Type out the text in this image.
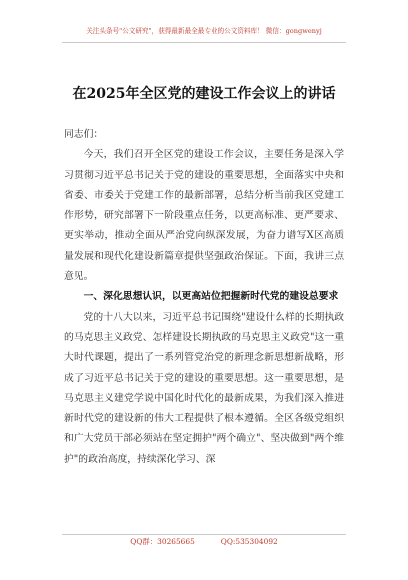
关注头条号"公文研究"，获得最新最全最专业的公文资料库！ 微信：gongwenyj
在2025年全区党的建设工作会议上的讲话

同志们：

今天，我们召开全区党的建设工作会议，主要任务是深入学习贯彻习近平总书记关于党的建设的重要思想，全面落实中央和省委、市委关于党建工作的最新部署，总结分析当前我区党建工作形势，研究部署下一阶段重点任务，以更高标准、更严要求、更实举动，推动全面从严治党向纵深发展，为奋力谱写X区高质量发展和现代化建设新篇章提供坚强政治保证。下面，我讲三点意见。

一、深化思想认识，以更高站位把握新时代党的建设总要求

党的十八大以来，习近平总书记围绕"建设什么样的长期执政的马克思主义政党、怎样建设长期执政的马克思主义政党"这一重大时代课题，提出了一系列管党治党的新理念新思想新战略，形成了习近平总书记关于党的建设的重要思想。这一重要思想，是马克思主义建党学说中国化时代化的最新成果，为我们深入推进新时代党的建设新的伟大工程提供了根本遵循。全区各级党组织和广大党员干部必须站在坚定拥护"两个确立"、坚决做到"两个维护"的政治高度，持续深化学习、深

QQ群：30265665	QQ:535304092
